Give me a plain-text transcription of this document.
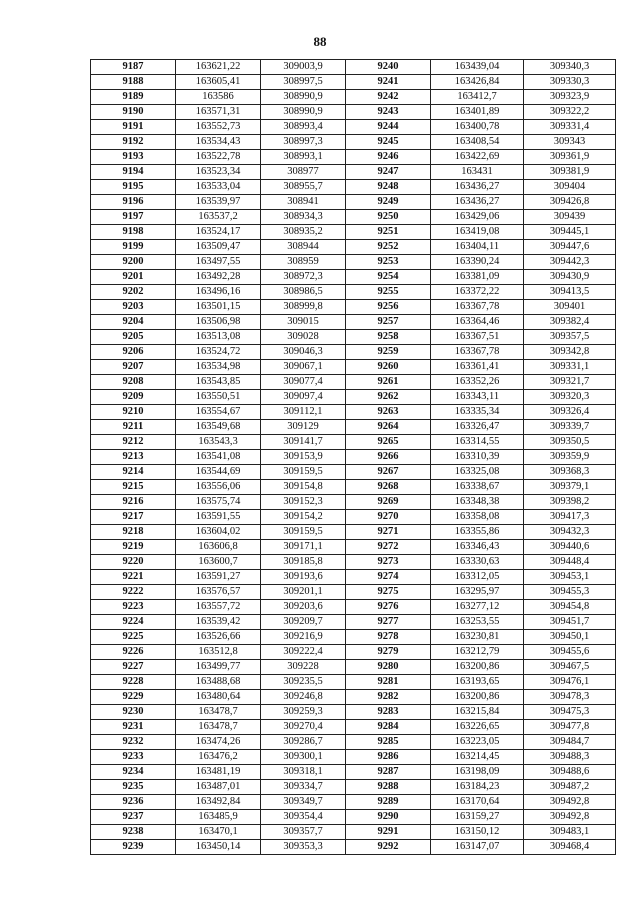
88
9187	163621,22	309003,9	9240	163439,04	309340,3
9188	163605,41	308997,5	9241	163426,84	309330,3
9189	163586	308990,9	9242	163412,7	309323,9
9190	163571,31	308990,9	9243	163401,89	309322,2
9191	163552,73	308993,4	9244	163400,78	309331,4
9192	163534,43	308997,3	9245	163408,54	309343
9193	163522,78	308993,1	9246	163422,69	309361,9
9194	163523,34	308977	9247	163431	309381,9
9195	163533,04	308955,7	9248	163436,27	309404
9196	163539,97	308941	9249	163436,27	309426,8
9197	163537,2	308934,3	9250	163429,06	309439
9198	163524,17	308935,2	9251	163419,08	309445,1
9199	163509,47	308944	9252	163404,11	309447,6
9200	163497,55	308959	9253	163390,24	309442,3
9201	163492,28	308972,3	9254	163381,09	309430,9
9202	163496,16	308986,5	9255	163372,22	309413,5
9203	163501,15	308999,8	9256	163367,78	309401
9204	163506,98	309015	9257	163364,46	309382,4
9205	163513,08	309028	9258	163367,51	309357,5
9206	163524,72	309046,3	9259	163367,78	309342,8
9207	163534,98	309067,1	9260	163361,41	309331,1
9208	163543,85	309077,4	9261	163352,26	309321,7
9209	163550,51	309097,4	9262	163343,11	309320,3
9210	163554,67	309112,1	9263	163335,34	309326,4
9211	163549,68	309129	9264	163326,47	309339,7
9212	163543,3	309141,7	9265	163314,55	309350,5
9213	163541,08	309153,9	9266	163310,39	309359,9
9214	163544,69	309159,5	9267	163325,08	309368,3
9215	163556,06	309154,8	9268	163338,67	309379,1
9216	163575,74	309152,3	9269	163348,38	309398,2
9217	163591,55	309154,2	9270	163358,08	309417,3
9218	163604,02	309159,5	9271	163355,86	309432,3
9219	163606,8	309171,1	9272	163346,43	309440,6
9220	163600,7	309185,8	9273	163330,63	309448,4
9221	163591,27	309193,6	9274	163312,05	309453,1
9222	163576,57	309201,1	9275	163295,97	309455,3
9223	163557,72	309203,6	9276	163277,12	309454,8
9224	163539,42	309209,7	9277	163253,55	309451,7
9225	163526,66	309216,9	9278	163230,81	309450,1
9226	163512,8	309222,4	9279	163212,79	309455,6
9227	163499,77	309228	9280	163200,86	309467,5
9228	163488,68	309235,5	9281	163193,65	309476,1
9229	163480,64	309246,8	9282	163200,86	309478,3
9230	163478,7	309259,3	9283	163215,84	309475,3
9231	163478,7	309270,4	9284	163226,65	309477,8
9232	163474,26	309286,7	9285	163223,05	309484,7
9233	163476,2	309300,1	9286	163214,45	309488,3
9234	163481,19	309318,1	9287	163198,09	309488,6
9235	163487,01	309334,7	9288	163184,23	309487,2
9236	163492,84	309349,7	9289	163170,64	309492,8
9237	163485,9	309354,4	9290	163159,27	309492,8
9238	163470,1	309357,7	9291	163150,12	309483,1
9239	163450,14	309353,3	9292	163147,07	309468,4
